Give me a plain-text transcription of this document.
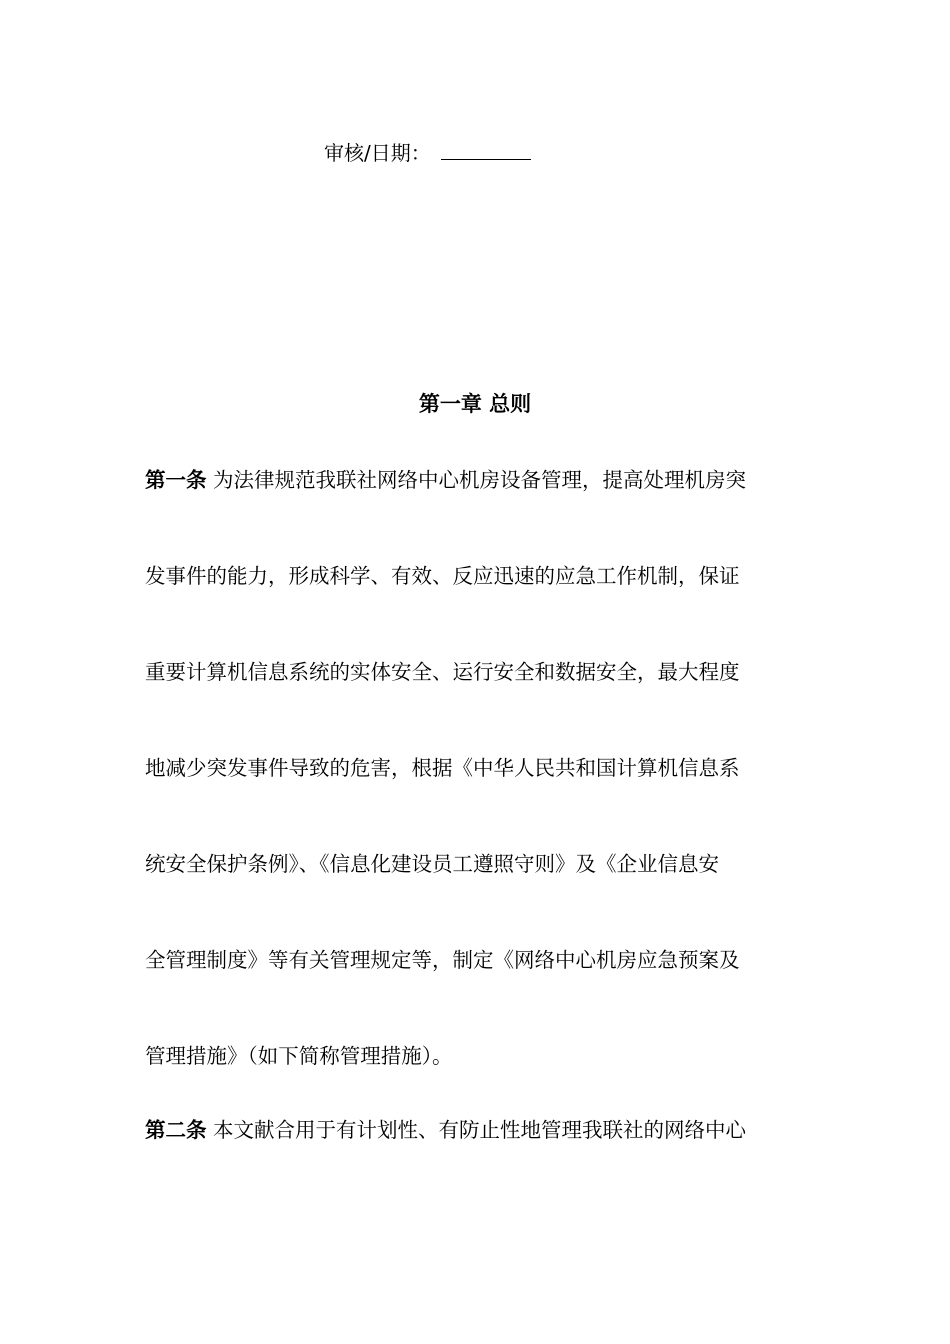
审核/日期：
第一章 总则
第一条 为法律规范我联社网络中心机房设备管理，提高处理机房突
发事件的能力，形成科学、有效、反应迅速的应急工作机制，保证
重要计算机信息系统的实体安全、运行安全和数据安全，最大程度
地减少突发事件导致的危害，根据《中华人民共和国计算机信息系
统安全保护条例》、《信息化建设员工遵照守则》及《企业信息安
全管理制度》等有关管理规定等，制定《网络中心机房应急预案及
管理措施》（如下简称管理措施）。
第二条 本文献合用于有计划性、有防止性地管理我联社的网络中心
